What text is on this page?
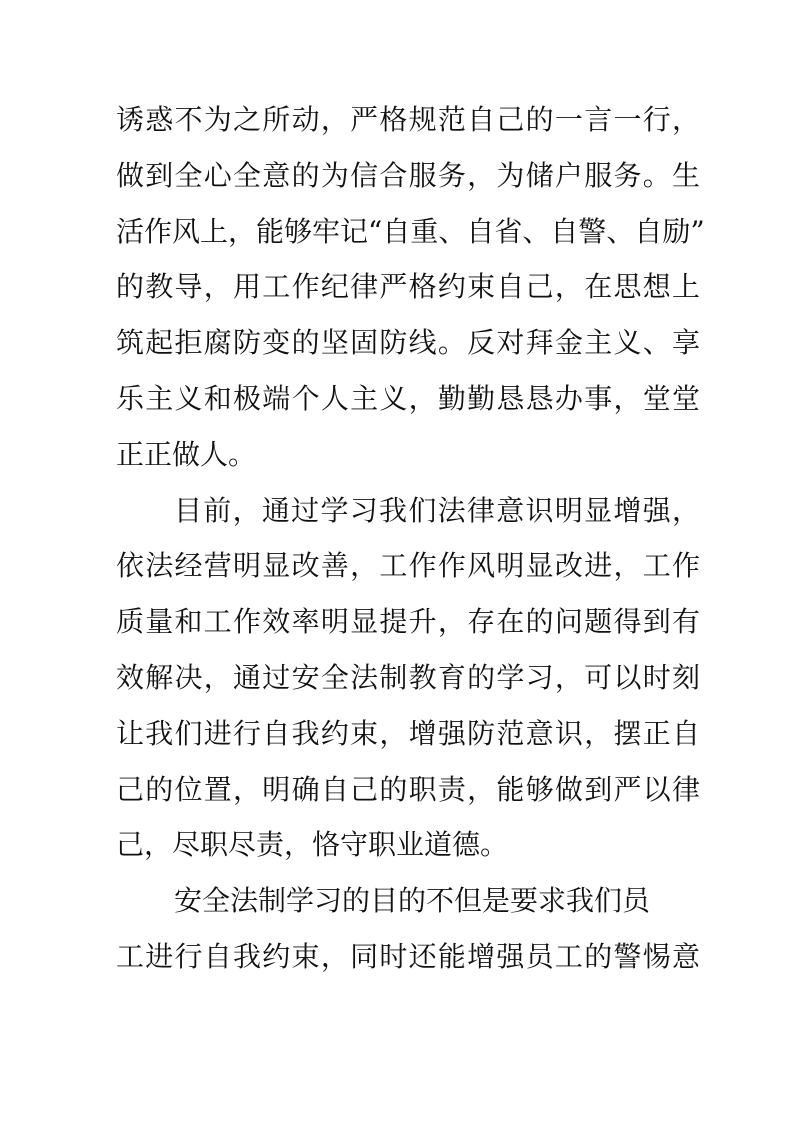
诱惑不为之所动，严格规范自己的一言一行，
做到全心全意的为信合服务，为储户服务。生
活作风上，能够牢记“自重、自省、自警、自励”
的教导，用工作纪律严格约束自己，在思想上
筑起拒腐防变的坚固防线。反对拜金主义、享
乐主义和极端个人主义，勤勤恳恳办事，堂堂
正正做人。
目前，通过学习我们法律意识明显增强，
依法经营明显改善，工作作风明显改进，工作
质量和工作效率明显提升，存在的问题得到有
效解决，通过安全法制教育的学习，可以时刻
让我们进行自我约束，增强防范意识，摆正自
己的位置，明确自己的职责，能够做到严以律
己，尽职尽责，恪守职业道德。
安全法制学习的目的不但是要求我们员
工进行自我约束，同时还能增强员工的警惕意
